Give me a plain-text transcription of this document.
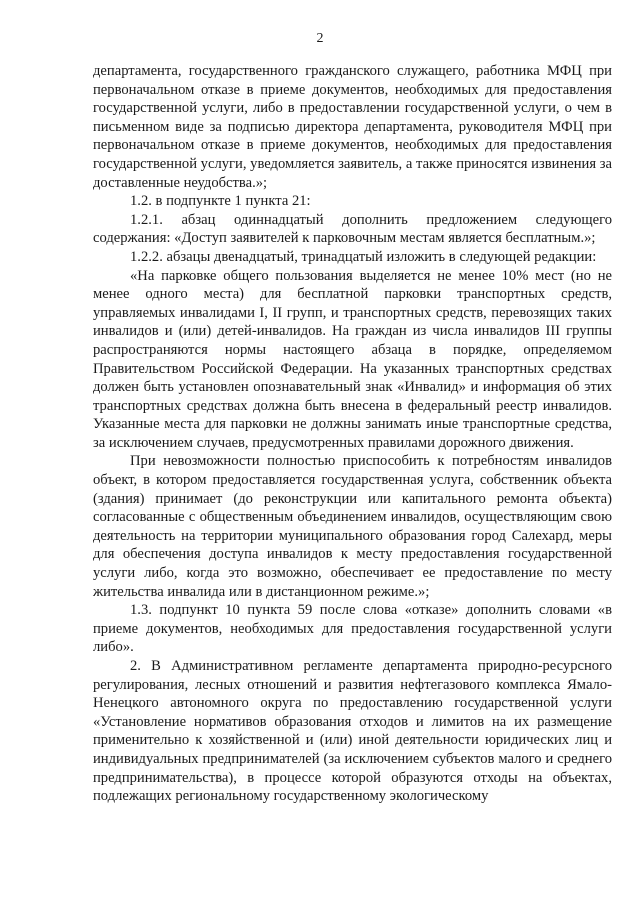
2

департамента, государственного гражданского служащего, работника МФЦ при первоначальном отказе в приеме документов, необходимых для предоставления государственной услуги, либо в предоставлении государственной услуги, о чем в письменном виде за подписью директора департамента, руководителя МФЦ при первоначальном отказе в приеме документов, необходимых для предоставления государственной услуги, уведомляется заявитель, а также приносятся извинения за доставленные неудобства.»;

1.2. в подпункте 1 пункта 21:

1.2.1. абзац одиннадцатый дополнить предложением следующего содержания: «Доступ заявителей к парковочным местам является бесплатным.»;

1.2.2. абзацы двенадцатый, тринадцатый изложить в следующей редакции:

«На парковке общего пользования выделяется не менее 10% мест (но не менее одного места) для бесплатной парковки транспортных средств, управляемых инвалидами I, II групп, и транспортных средств, перевозящих таких инвалидов и (или) детей-инвалидов. На граждан из числа инвалидов III группы распространяются нормы настоящего абзаца в порядке, определяемом Правительством Российской Федерации. На указанных транспортных средствах должен быть установлен опознавательный знак «Инвалид» и информация об этих транспортных средствах должна быть внесена в федеральный реестр инвалидов. Указанные места для парковки не должны занимать иные транспортные средства, за исключением случаев, предусмотренных правилами дорожного движения.

При невозможности полностью приспособить к потребностям инвалидов объект, в котором предоставляется государственная услуга, собственник объекта (здания) принимает (до реконструкции или капитального ремонта объекта) согласованные с общественным объединением инвалидов, осуществляющим свою деятельность на территории муниципального образования город Салехард, меры для обеспечения доступа инвалидов к месту предоставления государственной услуги либо, когда это возможно, обеспечивает ее предоставление по месту жительства инвалида или в дистанционном режиме.»;

1.3. подпункт 10 пункта 59 после слова «отказе» дополнить словами «в приеме документов, необходимых для предоставления государственной услуги либо».

2. В Административном регламенте департамента природно-ресурсного регулирования, лесных отношений и развития нефтегазового комплекса Ямало-Ненецкого автономного округа по предоставлению государственной услуги «Установление нормативов образования отходов и лимитов на их размещение применительно к хозяйственной и (или) иной деятельности юридических лиц и индивидуальных предпринимателей (за исключением субъектов малого и среднего предпринимательства), в процессе которой образуются отходы на объектах, подлежащих региональному государственному экологическому
